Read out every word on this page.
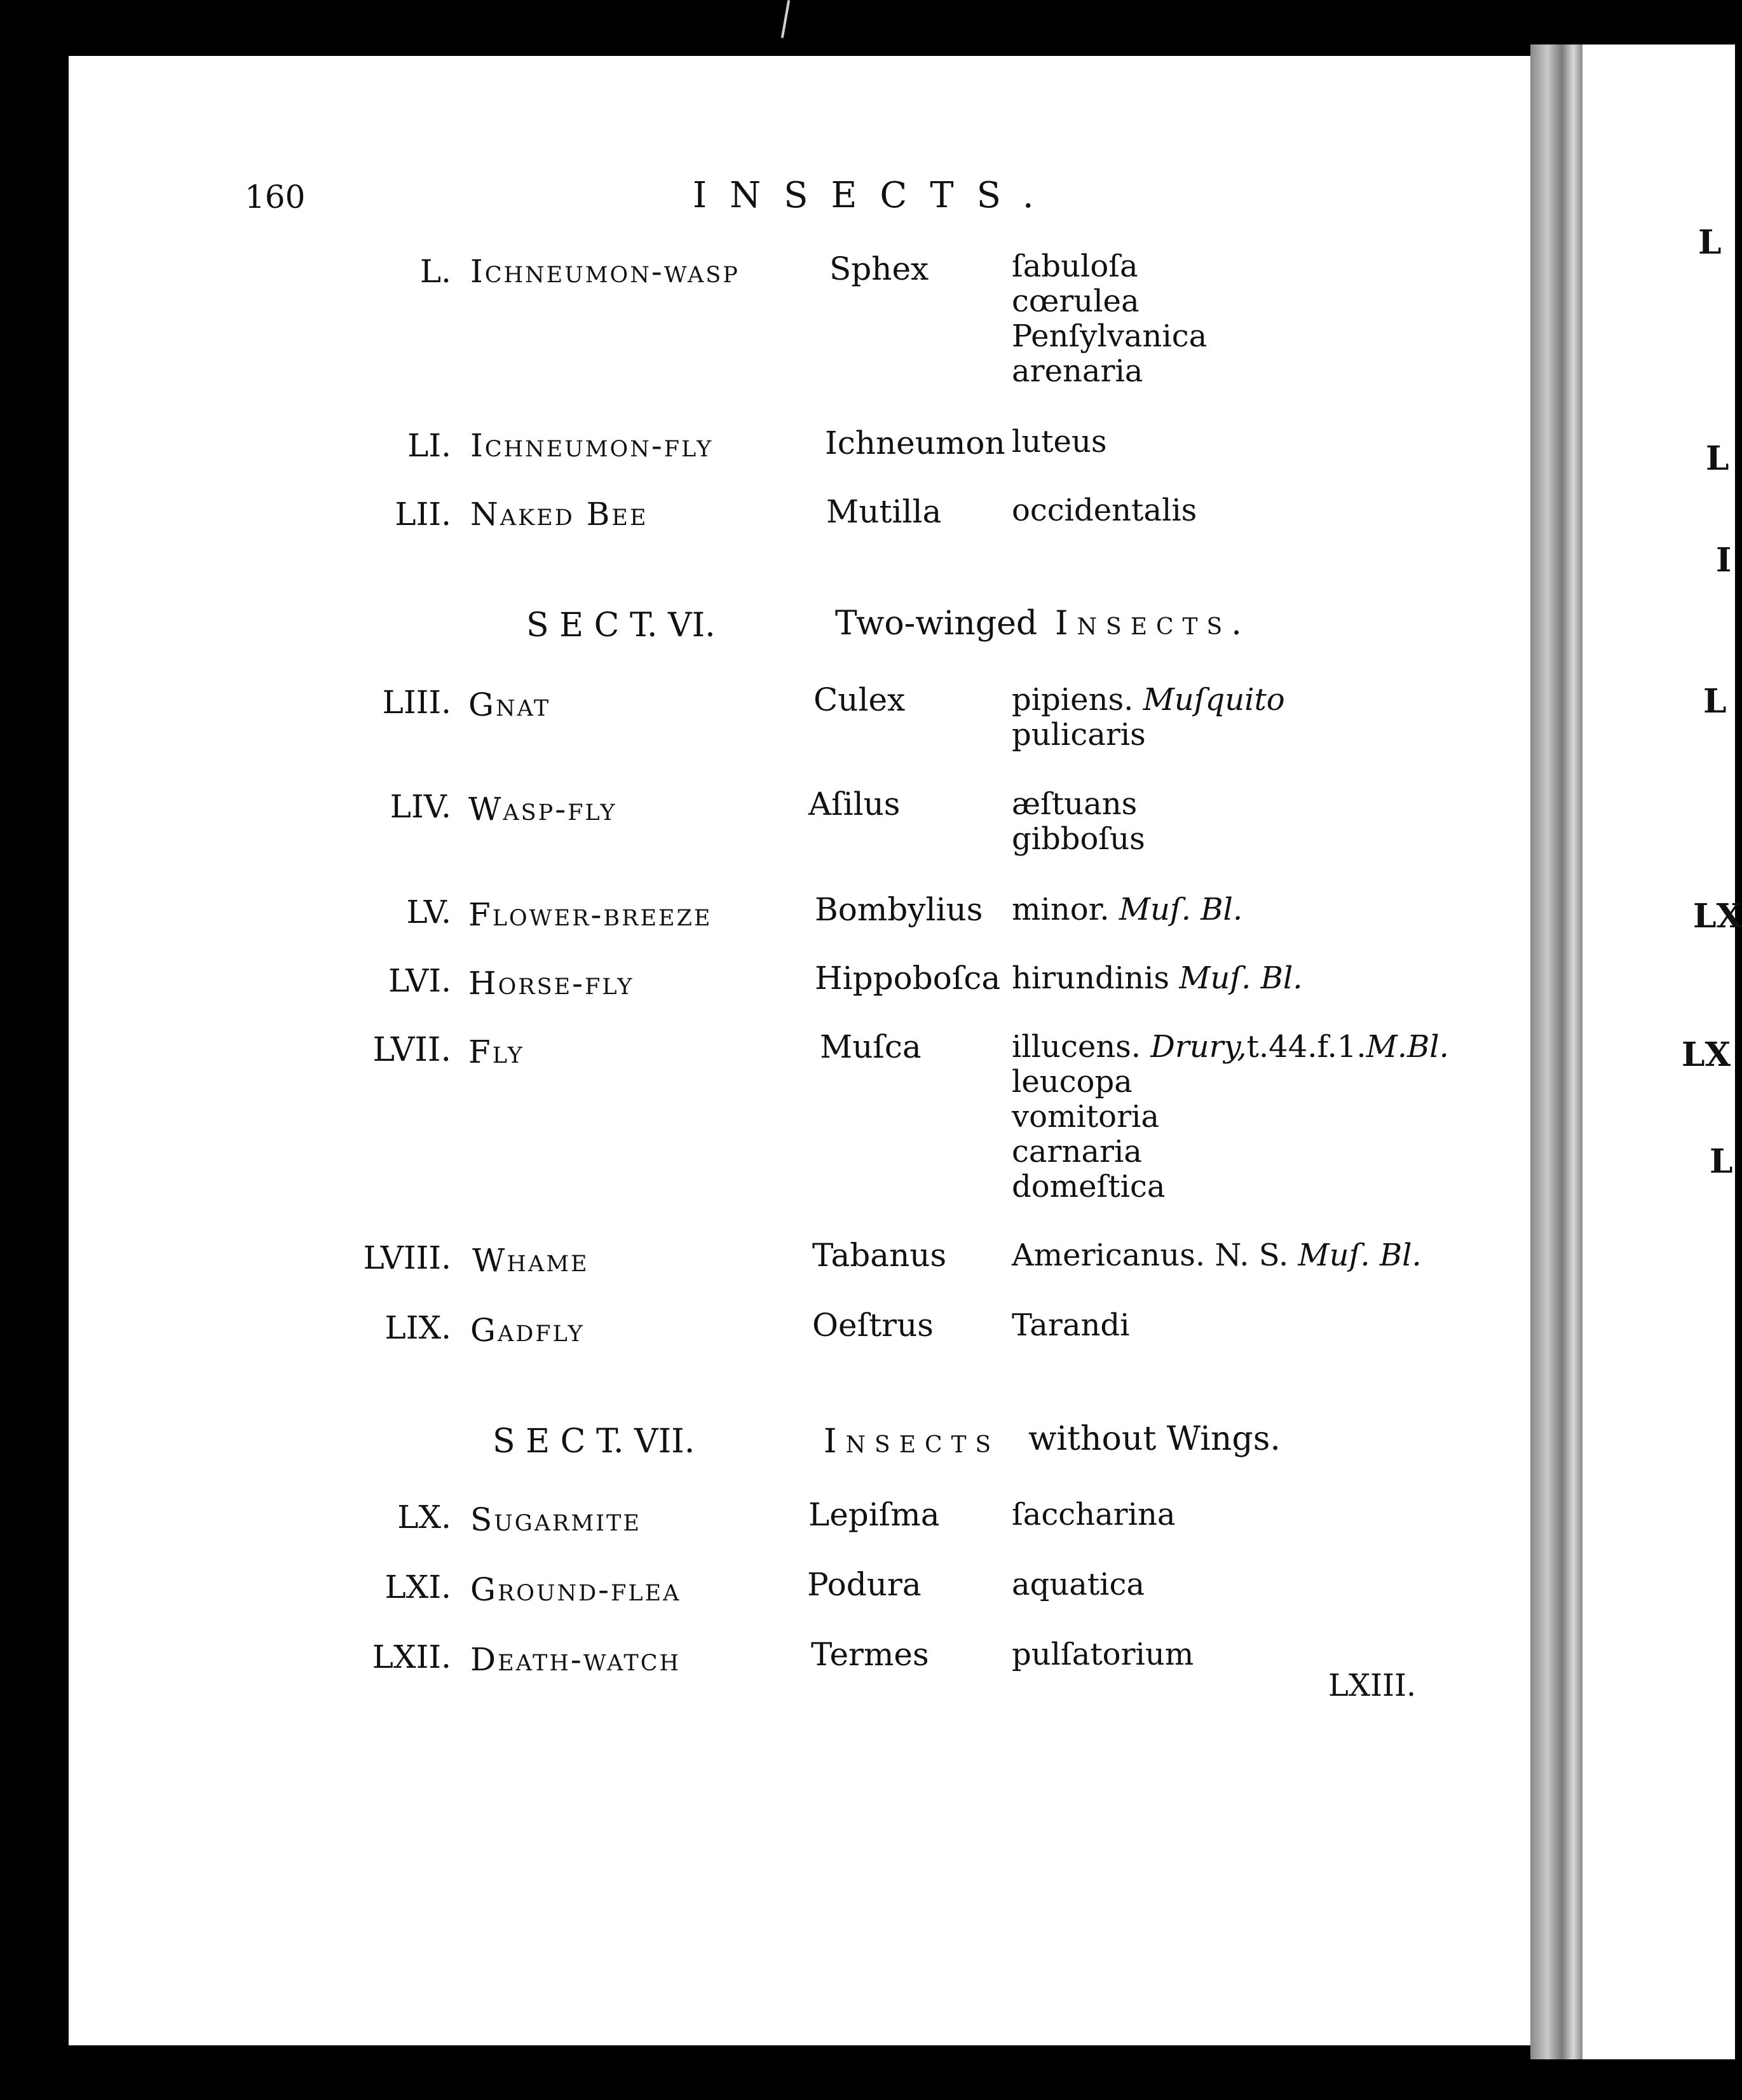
160	INSECTS.
L. Ichneumon-wasp	Sphex	ſabuloſa
cœrulea
Penſylvanica
arenaria
LI. Ichneumon-fly	Ichneumon luteus
LII. Naked Bee	Mutilla occidentalis
S E C T. VI.	Two-winged Insects.
LIII. Gnat	Culex	pipiens. Muſquito
pulicaris
LIV. Wasp-fly	Aſilus	æſtuans
gibboſus
LV. Flower-breeze	Bombylius minor. Muſ. Bl.
LVI. Horse-fly	Hippoboſca hirundinis Muſ. Bl.
LVII. Fly	Muſca	illucens. Drury,t.44.f.1.M.Bl.
leucopa
vomitoria
carnaria
domeſtica
LVIII. Whame	Tabanus Americanus. N. S. Muſ. Bl.
LIX. Gadfly	Oeſtrus	Tarandi
S E C T. VII.	Insects without Wings.
LX. Sugarmite	Lepiſma ſaccharina
LXI. Ground-flea	Podura	aquatica
LXII. Death-watch	Termes	pulſatorium
LXIII.
L
L
I
L
LX
LX
L
